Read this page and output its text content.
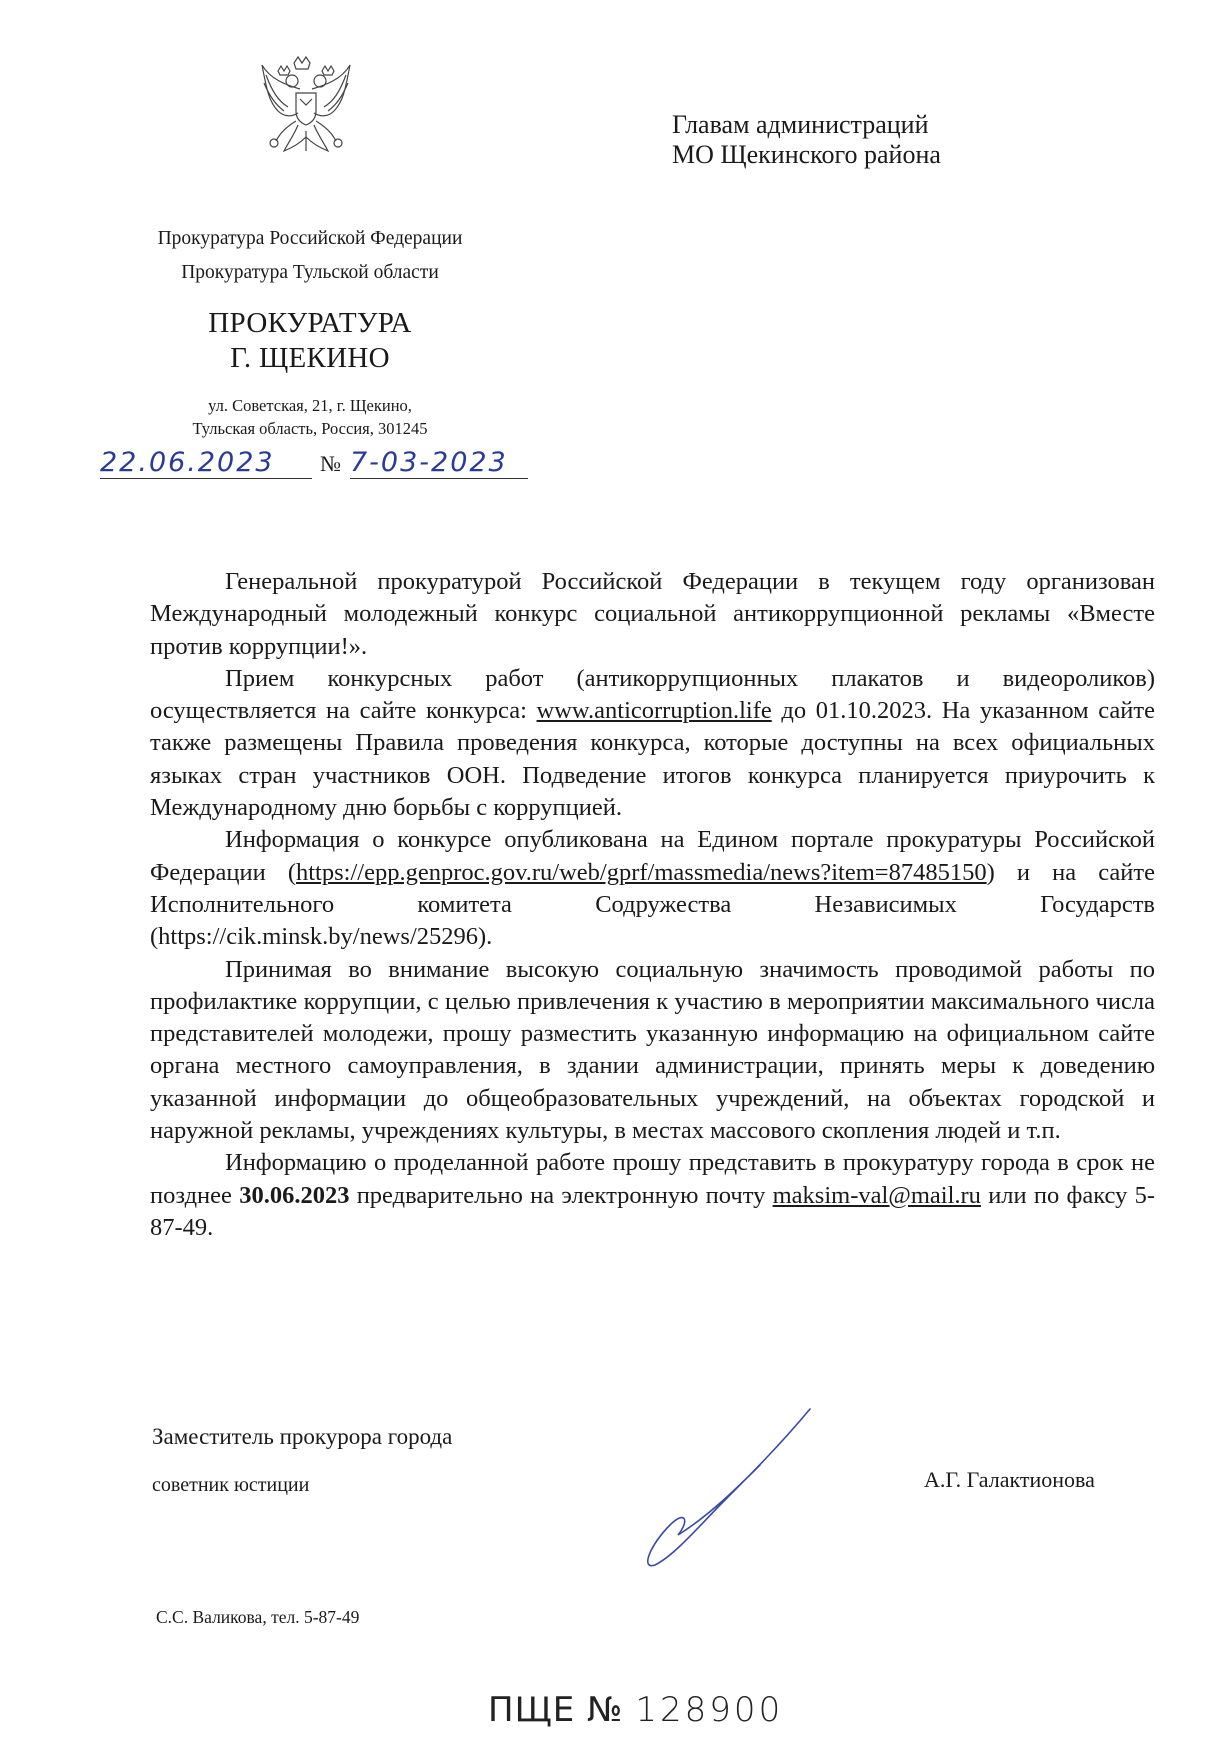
Главам администраций
МО Щекинского района
Прокуратура Российской Федерации
Прокуратура Тульской области
ПРОКУРАТУРА
Г. ЩЕКИНО
ул. Советская, 21, г. Щекино,
Тульская область, Россия, 301245
22.06.2023	№ 7-03-2023

Генеральной прокуратурой Российской Федерации в текущем году организован Международный молодежный конкурс социальной антикоррупционной рекламы «Вместе против коррупции!».

Прием конкурсных работ (антикоррупционных плакатов и видеороликов) осуществляется на сайте конкурса: www.anticorruption.life до 01.10.2023. На указанном сайте также размещены Правила проведения конкурса, которые доступны на всех официальных языках стран участников ООН. Подведение итогов конкурса планируется приурочить к Международному дню борьбы с коррупцией.

Информация о конкурсе опубликована на Едином портале прокуратуры Российской Федерации (https://epp.genproc.gov.ru/web/gprf/massmedia/news?item=87485150) и на сайте Исполнительного комитета Содружества Независимых Государств (https://cik.minsk.by/news/25296).

Принимая во внимание высокую социальную значимость проводимой работы по профилактике коррупции, с целью привлечения к участию в мероприятии максимального числа представителей молодежи, прошу разместить указанную информацию на официальном сайте органа местного самоуправления, в здании администрации, принять меры к доведению указанной информации до общеобразовательных учреждений, на объектах городской и наружной рекламы, учреждениях культуры, в местах массового скопления людей и т.п.

Информацию о проделанной работе прошу представить в прокуратуру города в срок не позднее 30.06.2023 предварительно на электронную почту maksim-val@mail.ru или по факсу 5-87-49.

Заместитель прокурора города
советник юстиции	А.Г. Галактионова
С.С. Валикова, тел. 5-87-49
ПЩЕ № 128900
